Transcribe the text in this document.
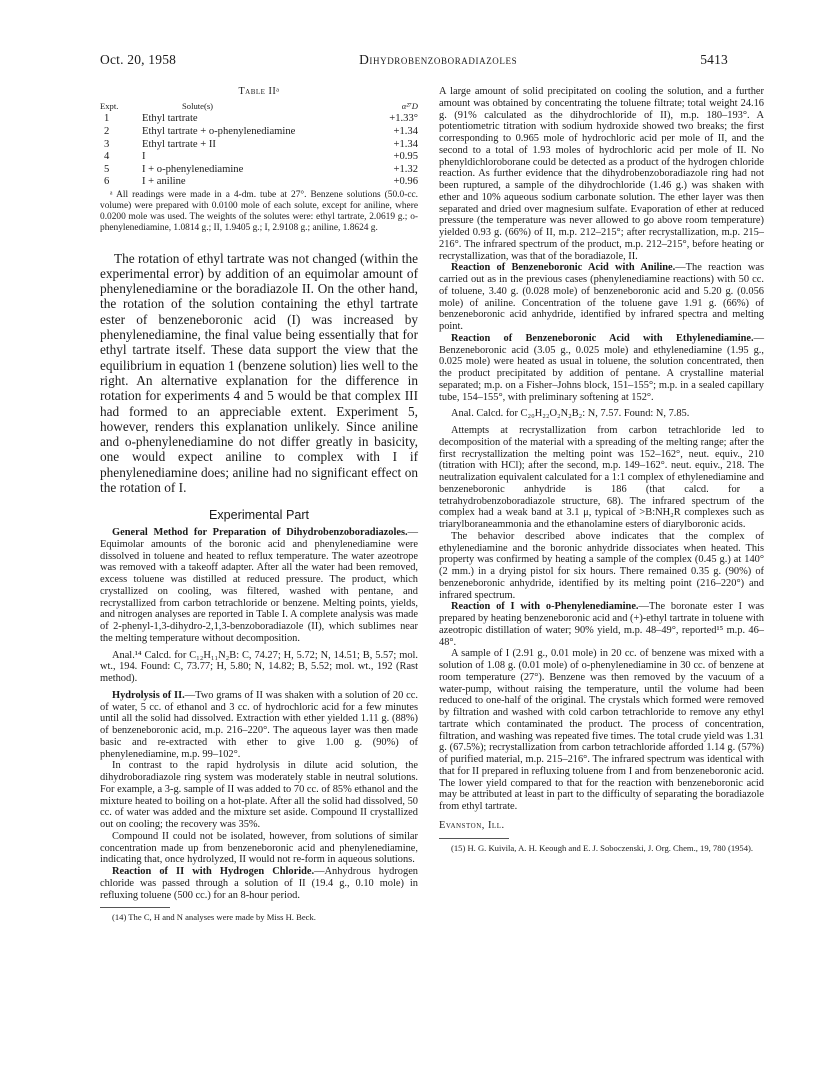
Oct. 20, 1958	Dihydrobenzoboradiazoles	5413
Table IIᵃ
Expt.	Solute(s)	α²⁷D
1	Ethyl tartrate	+1.33°
2	Ethyl tartrate + o-phenylenediamine	+1.34
3	Ethyl tartrate + II	+1.34
4	I	+0.95
5	I + o-phenylenediamine	+1.32
6	I + aniline	+0.96

ᵃ All readings were made in a 4-dm. tube at 27°. Benzene solutions (50.0-cc. volume) were prepared with 0.0100 mole of each solute, except for aniline, where 0.0200 mole was used. The weights of the solutes were: ethyl tartrate, 2.0619 g.; o-phenylenediamine, 1.0814 g.; II, 1.9405 g.; I, 2.9108 g.; aniline, 1.8624 g.

The rotation of ethyl tartrate was not changed (within the experimental error) by addition of an equimolar amount of phenylenediamine or the boradiazole II. On the other hand, the rotation of the solution containing the ethyl tartrate ester of benzeneboronic acid (I) was increased by phenylenediamine, the final value being essentially that for ethyl tartrate itself. These data support the view that the equilibrium in equation 1 (benzene solution) lies well to the right. An alternative explanation for the difference in rotation for experiments 4 and 5 would be that complex III had formed to an appreciable extent. Experiment 5, however, renders this explanation unlikely. Since aniline and o-phenylenediamine do not differ greatly in basicity, one would expect aniline to complex with I if phenylenediamine does; aniline had no significant effect on the rotation of I.

Experimental Part

General Method for Preparation of Dihydrobenzoboradiazoles.—Equimolar amounts of the boronic acid and phenylenediamine were dissolved in toluene and heated to reflux temperature. The water azeotrope was removed with a takeoff adapter. After all the water had been removed, excess toluene was distilled at reduced pressure. The product, which crystallized on cooling, was filtered, washed with pentane, and recrystallized from carbon tetrachloride or benzene. Melting points, yields, and nitrogen analyses are reported in Table I. A complete analysis was made of 2-phenyl-1,3-dihydro-2,1,3-benzoboradiazole (II), which sublimes near the melting temperature without decomposition.

Anal.¹⁴ Calcd. for C₁₂H₁₁N₂B: C, 74.27; H, 5.72; N, 14.51; B, 5.57; mol. wt., 194. Found: C, 73.77; H, 5.80; N, 14.82; B, 5.52; mol. wt., 192 (Rast method).

Hydrolysis of II.—Two grams of II was shaken with a solution of 20 cc. of water, 5 cc. of ethanol and 3 cc. of hydrochloric acid for a few minutes until all the solid had dissolved. Extraction with ether yielded 1.11 g. (88%) of benzeneboronic acid, m.p. 216–220°. The aqueous layer was then made basic and re-extracted with ether to give 1.00 g. (90%) of phenylenediamine, m.p. 99–102°.

In contrast to the rapid hydrolysis in dilute acid solution, the dihydroboradiazole ring system was moderately stable in neutral solutions. For example, a 3-g. sample of II was added to 70 cc. of 85% ethanol and the mixture heated to boiling on a hot-plate. After all the solid had dissolved, 50 cc. of water was added and the mixture set aside. Compound II crystallized out on cooling; the recovery was 35%.

Compound II could not be isolated, however, from solutions of similar concentration made up from benzeneboronic acid and phenylenediamine, indicating that, once hydrolyzed, II would not re-form in aqueous solutions.

Reaction of II with Hydrogen Chloride.—Anhydrous hydrogen chloride was passed through a solution of II (19.4 g., 0.10 mole) in refluxing toluene (500 cc.) for an 8-hour period.

(14) The C, H and N analyses were made by Miss H. Beck.

A large amount of solid precipitated on cooling the solution, and a further amount was obtained by concentrating the toluene filtrate; total weight 24.16 g. (91% calculated as the dihydrochloride of II), m.p. 180–193°. A potentiometric titration with sodium hydroxide showed two breaks; the first corresponding to 0.965 mole of hydrochloric acid per mole of II, and the second to a total of 1.93 moles of hydrochloric acid per mole of II. No phenyldichloroborane could be detected as a product of the hydrogen chloride reaction. As further evidence that the dihydrobenzoboradiazole ring had not been ruptured, a sample of the dihydrochloride (1.46 g.) was shaken with ether and 10% aqueous sodium carbonate solution. The ether layer was then separated and dried over magnesium sulfate. Evaporation of ether at reduced pressure (the temperature was never allowed to go above room temperature) yielded 0.93 g. (66%) of II, m.p. 212–215°; after recrystallization, m.p. 215–216°. The infrared spectrum of the product, m.p. 212–215°, before heating or recrystallization, was that of the boradiazole, II.

Reaction of Benzeneboronic Acid with Aniline.—The reaction was carried out as in the previous cases (phenylenediamine reactions) with 50 cc. of toluene, 3.40 g. (0.028 mole) of benzeneboronic acid and 5.20 g. (0.056 mole) of aniline. Concentration of the toluene gave 1.91 g. (66%) of benzeneboronic acid anhydride, identified by infrared spectra and melting point.

Reaction of Benzeneboronic Acid with Ethylenediamine.—Benzeneboronic acid (3.05 g., 0.025 mole) and ethylenediamine (1.95 g., 0.025 mole) were heated as usual in toluene, the solution concentrated, then the product precipitated by addition of pentane. A crystalline material separated; m.p. on a Fisher–Johns block, 151–155°; m.p. in a sealed capillary tube, 154–155°, with preliminary softening at 152°.

Anal. Calcd. for C₂₀H₂₂O₂N₂B₂: N, 7.57. Found: N, 7.85.

Attempts at recrystallization from carbon tetrachloride led to decomposition of the material with a spreading of the melting range; after the first recrystallization the melting point was 152–162°, neut. equiv., 210 (titration with HCl); after the second, m.p. 149–162°. neut. equiv., 218. The neutralization equivalent calculated for a 1:1 complex of ethylenediamine and benzeneboronic anhydride is 186 (that calcd. for a tetrahydrobenzoboradiazole structure, 68). The infrared spectrum of the complex had a weak band at 3.1 μ, typical of >B:NH₂R complexes such as triarylboraneammonia and the ethanolamine esters of diarylboronic acids.

The behavior described above indicates that the complex of ethylenediamine and the boronic anhydride dissociates when heated. This property was confirmed by heating a sample of the complex (0.45 g.) at 140° (2 mm.) in a drying pistol for six hours. There remained 0.35 g. (90%) of benzeneboronic anhydride, identified by its melting point (216–220°) and infrared spectrum.

Reaction of I with o-Phenylenediamine.—The boronate ester I was prepared by heating benzeneboronic acid and (+)-ethyl tartrate in toluene with azeotropic distillation of water; 90% yield, m.p. 48–49°, reported¹⁵ m.p. 46–48°.

A sample of I (2.91 g., 0.01 mole) in 20 cc. of benzene was mixed with a solution of 1.08 g. (0.01 mole) of o-phenylenediamine in 30 cc. of benzene at room temperature (27°). Benzene was then removed by the vacuum of a water-pump, without raising the temperature, until the volume had been reduced to one-half of the original. The crystals which formed were removed by filtration and washed with cold carbon tetrachloride to remove any ethyl tartrate which contaminated the product. The process of concentration, filtration, and washing was repeated five times. The total crude yield was 1.31 g. (67.5%); recrystallization from carbon tetrachloride afforded 1.14 g. (57%) of purified material, m.p. 215–216°. The infrared spectrum was identical with that for II prepared in refluxing toluene from I and from benzeneboronic acid. The lower yield compared to that for the reaction with benzeneboronic acid may be attributed at least in part to the difficulty of separating the boradiazole from ethyl tartrate.

Evanston, Ill.

(15) H. G. Kuivila, A. H. Keough and E. J. Soboczenski, J. Org. Chem., 19, 780 (1954).
